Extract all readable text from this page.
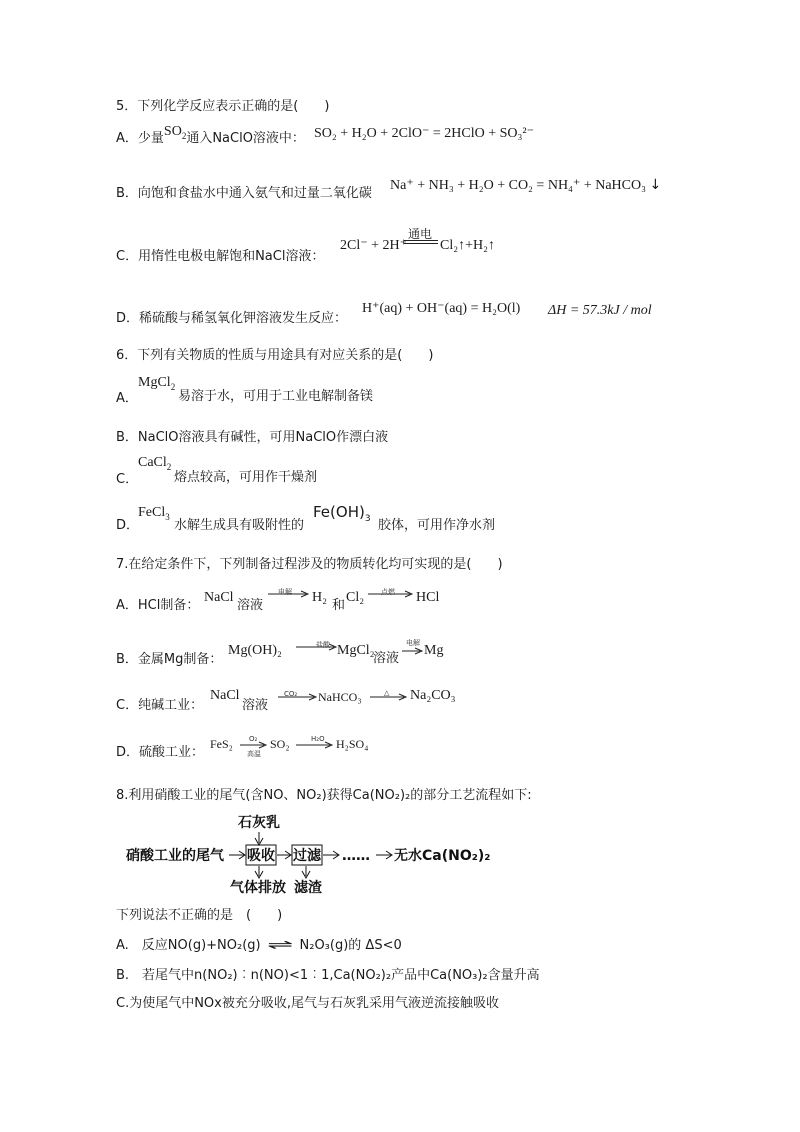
5．下列化学反应表示正确的是(　　)
A．少量$SO_2$通入NaClO溶液中： SO₂ + H₂O + 2ClO⁻ = 2HClO + SO₃²⁻
B．向饱和食盐水中通入氨气和过量二氧化碳
Na⁺ + NH₃ + H₂O + CO₂ = NH₄⁺ + NaHCO₃ ↓
C．用惰性电极电解饱和NaCl溶液：
2Cl⁻ + 2H⁺
通电
Cl₂↑+H₂↑
D．稀硫酸与稀氢氧化钾溶液发生反应：
H⁺(aq) + OH⁻(aq) = H₂O(l) ΔH = 57.3kJ / mol
6．下列有关物质的性质与用途具有对应关系的是(　　)
A．
MgCl$_2$
易溶于水，可用于工业电解制备镁
B．NaClO溶液具有碱性，可用NaClO作漂白液
C．
CaCl$_2$
熔点较高，可用作干燥剂
D．
FeCl$_3$
水解生成具有吸附性的
$Fe(OH)_3$ 胶体，可用作净水剂
7.在给定条件下，下列制备过程涉及的物质转化均可实现的是(　　)
A．HCl制备：
NaCl
溶液
电解 H₂
和
Cl₂ 点燃 HCl
B．金属Mg制备：
Mg(OH)₂	盐酸 MgCl₂
溶液
电解 Mg
C．纯碱工业：
NaCl
溶液
CO₂ NaHCO₃	△ Na₂CO₃
D．硫酸工业：
FeS₂ O₂
高温
SO₂	H₂O H₂SO₄
8.利用硝酸工业的尾气(含NO、NO₂)获得Ca(NO₂)₂的部分工艺流程如下:
石灰乳
硝酸工业的尾气 吸收 过滤 …… 无水Ca(NO₂)₂
气体排放 滤渣
下列说法不正确的是　(　　)
A.　反应NO(g)+NO₂(g) ⇌ N₂O₃(g)的 ΔS<0
B.　若尾气中n(NO₂)︰n(NO)<1︰1,Ca(NO₂)₂产品中Ca(NO₃)₂含量升高
C.为使尾气中NOx被充分吸收,尾气与石灰乳采用气液逆流接触吸收
